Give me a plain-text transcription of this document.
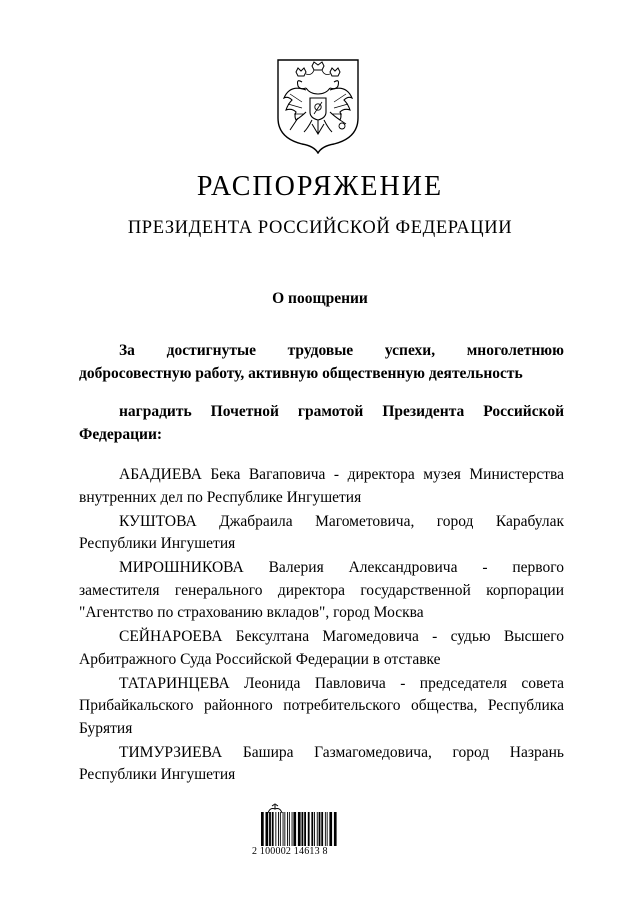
РАСПОРЯЖЕНИЕ
ПРЕЗИДЕНТА РОССИЙСКОЙ ФЕДЕРАЦИИ
О поощрении

За достигнутые трудовые успехи, многолетнюю добросовестную работу, активную общественную деятельность

наградить Почетной грамотой Президента Российской Федерации:

АБАДИЕВА Бека Вагаповича - директора музея Министерства внутренних дел по Республике Ингушетия
КУШТОВА Джабраила Магометовича, город Карабулак Республики Ингушетия
МИРОШНИКОВА Валерия Александровича - первого заместителя генерального директора государственной корпорации "Агентство по страхованию вкладов", город Москва
СЕЙНАРОЕВА Бексултана Магомедовича - судью Высшего Арбитражного Суда Российской Федерации в отставке
ТАТАРИНЦЕВА Леонида Павловича - председателя совета Прибайкальского районного потребительского общества, Республика Бурятия
ТИМУРЗИЕВА Башира Газмагомедовича, город Назрань Республики Ингушетия
2 100002 14613 8
